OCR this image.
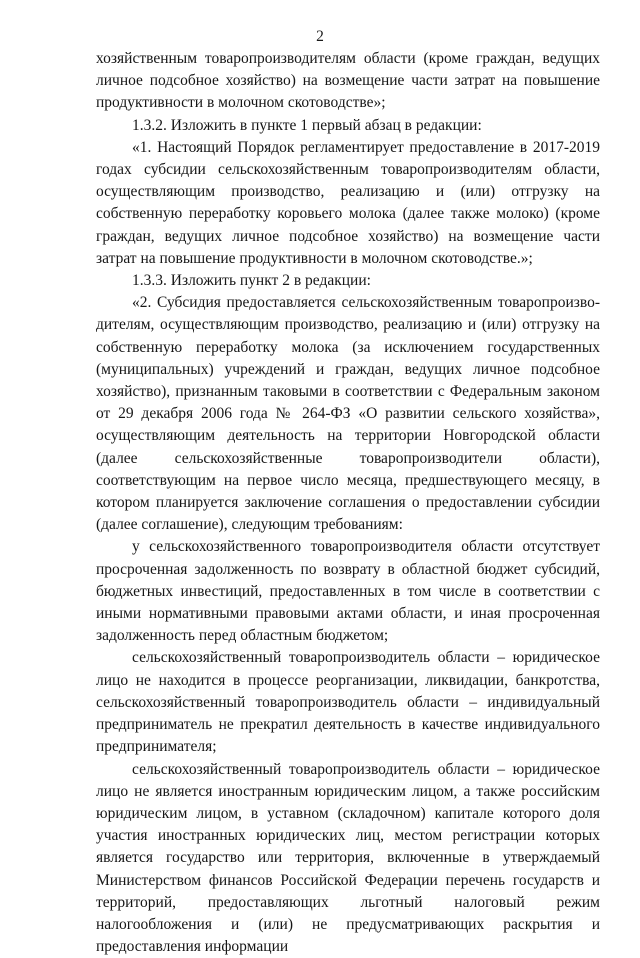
2

хозяйственным товаропроизводителям области (кроме граждан, ведущих личное подсобное хозяйство) на возмещение части затрат на повышение продуктивности в молочном скотоводстве»;

1.3.2. Изложить в пункте 1 первый абзац в редакции:

«1. Настоящий Порядок регламентирует предоставление в 2017-2019 годах субсидии сельскохозяйственным товаропроизводителям области, осуществляющим производство, реализацию и (или) отгрузку на собственную переработку коровьего молока (далее также молоко) (кроме граждан, ведущих личное подсобное хозяйство) на возмещение части затрат на повышение продуктивности в молочном скотоводстве.»;

1.3.3. Изложить пункт 2 в редакции:

«2. Субсидия предоставляется сельскохозяйственным товаропроизво-дителям, осуществляющим производство, реализацию и (или) отгрузку на собственную переработку молока (за исключением государственных (муниципальных) учреждений и граждан, ведущих личное подсобное хозяйство), признанным таковыми в соответствии с Федеральным законом от 29 декабря 2006 года № 264-ФЗ «О развитии сельского хозяйства», осуществляющим деятельность на территории Новгородской области (далее сельскохозяйственные товаропроизводители области), соответствующим на первое число месяца, предшествующего месяцу, в котором планируется заключение соглашения о предоставлении субсидии (далее соглашение), следующим требованиям:

у сельскохозяйственного товаропроизводителя области отсутствует просроченная задолженность по возврату в областной бюджет субсидий, бюджетных инвестиций, предоставленных в том числе в соответствии с иными нормативными правовыми актами области, и иная просроченная задолженность перед областным бюджетом;

сельскохозяйственный товаропроизводитель области – юридическое лицо не находится в процессе реорганизации, ликвидации, банкротства, сельскохозяйственный товаропроизводитель области – индивидуальный предприниматель не прекратил деятельность в качестве индивидуального предпринимателя;

сельскохозяйственный товаропроизводитель области – юридическое лицо не является иностранным юридическим лицом, а также российским юридическим лицом, в уставном (складочном) капитале которого доля участия иностранных юридических лиц, местом регистрации которых является государство или территория, включенные в утверждаемый Министерством финансов Российской Федерации перечень государств и территорий, предоставляющих льготный налоговый режим налогообложения и (или) не предусматривающих раскрытия и предоставления информации
